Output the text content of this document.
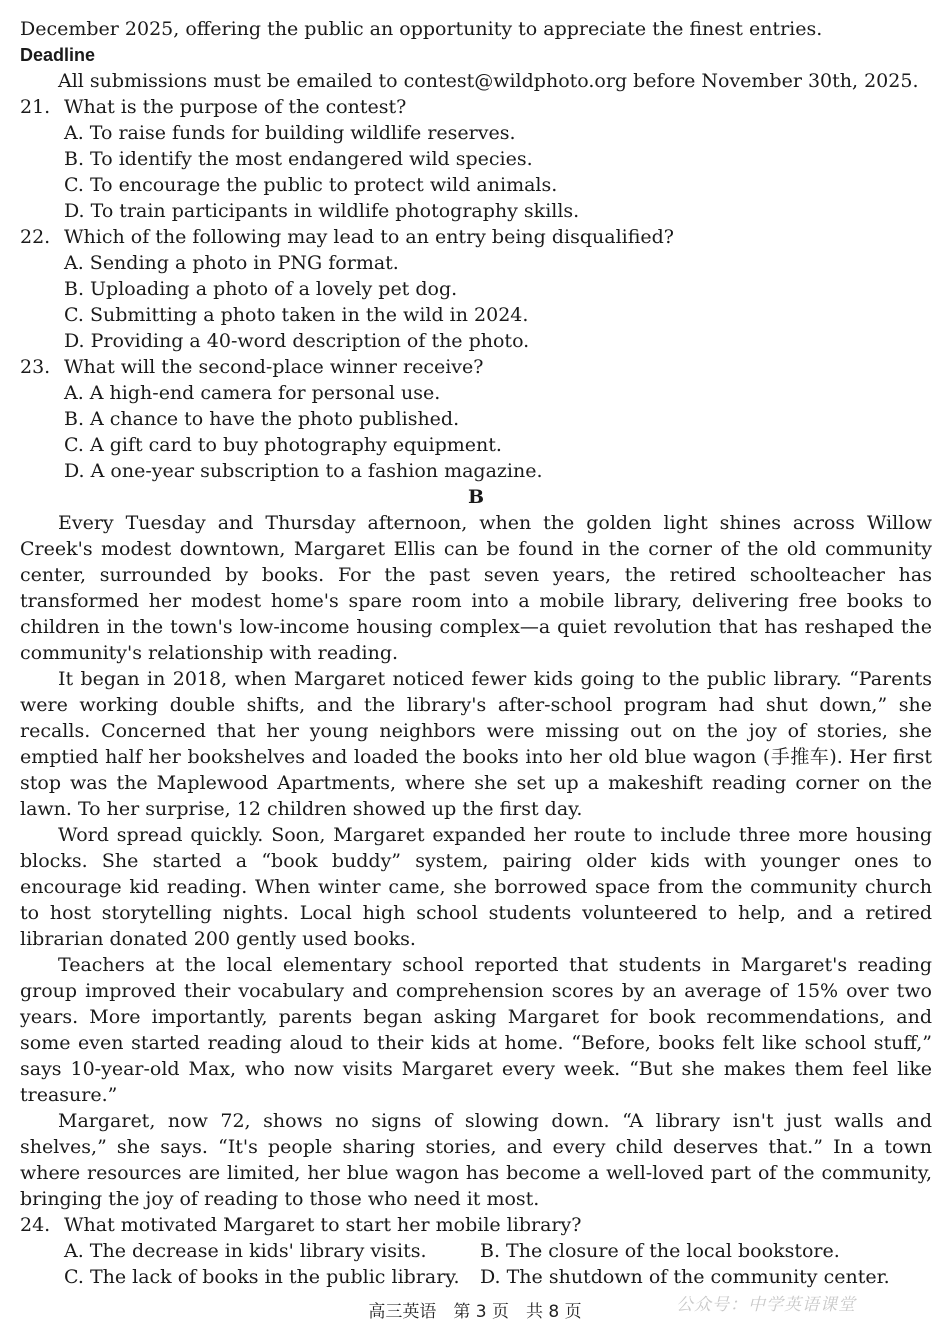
December 2025, offering the public an opportunity to appreciate the finest entries.

Deadline

All submissions must be emailed to contest@wildphoto.org before November 30th, 2025.

21. What is the purpose of the contest?

A. To raise funds for building wildlife reserves.

B. To identify the most endangered wild species.

C. To encourage the public to protect wild animals.

D. To train participants in wildlife photography skills.

22. Which of the following may lead to an entry being disqualified?

A. Sending a photo in PNG format.

B. Uploading a photo of a lovely pet dog.

C. Submitting a photo taken in the wild in 2024.

D. Providing a 40-word description of the photo.

23. What will the second-place winner receive?

A. A high-end camera for personal use.

B. A chance to have the photo published.

C. A gift card to buy photography equipment.

D. A one-year subscription to a fashion magazine.

B

Every Tuesday and Thursday afternoon, when the golden light shines across Willow Creek's modest downtown, Margaret Ellis can be found in the corner of the old community center, surrounded by books. For the past seven years, the retired schoolteacher has transformed her modest home's spare room into a mobile library, delivering free books to children in the town's low-income housing complex—a quiet revolution that has reshaped the community's relationship with reading.

It began in 2018, when Margaret noticed fewer kids going to the public library. “Parents were working double shifts, and the library's after-school program had shut down,” she recalls. Concerned that her young neighbors were missing out on the joy of stories, she emptied half her bookshelves and loaded the books into her old blue wagon (手推车). Her first stop was the Maplewood Apartments, where she set up a makeshift reading corner on the lawn. To her surprise, 12 children showed up the first day.

Word spread quickly. Soon, Margaret expanded her route to include three more housing blocks. She started a “book buddy” system, pairing older kids with younger ones to encourage kid reading. When winter came, she borrowed space from the community church to host storytelling nights. Local high school students volunteered to help, and a retired librarian donated 200 gently used books.

Teachers at the local elementary school reported that students in Margaret's reading group improved their vocabulary and comprehension scores by an average of 15% over two years. More importantly, parents began asking Margaret for book recommendations, and some even started reading aloud to their kids at home. “Before, books felt like school stuff,” says 10-year-old Max, who now visits Margaret every week. “But she makes them feel like treasure.”

Margaret, now 72, shows no signs of slowing down. “A library isn't just walls and shelves,” she says. “It's people sharing stories, and every child deserves that.” In a town where resources are limited, her blue wagon has become a well-loved part of the community, bringing the joy of reading to those who need it most.

24. What motivated Margaret to start her mobile library?

A. The decrease in kids' library visits.	B. The closure of the local bookstore.
C. The lack of books in the public library.	D. The shutdown of the community center.
高三英语　第 3 页　共 8 页	公众号：中学英语课堂
